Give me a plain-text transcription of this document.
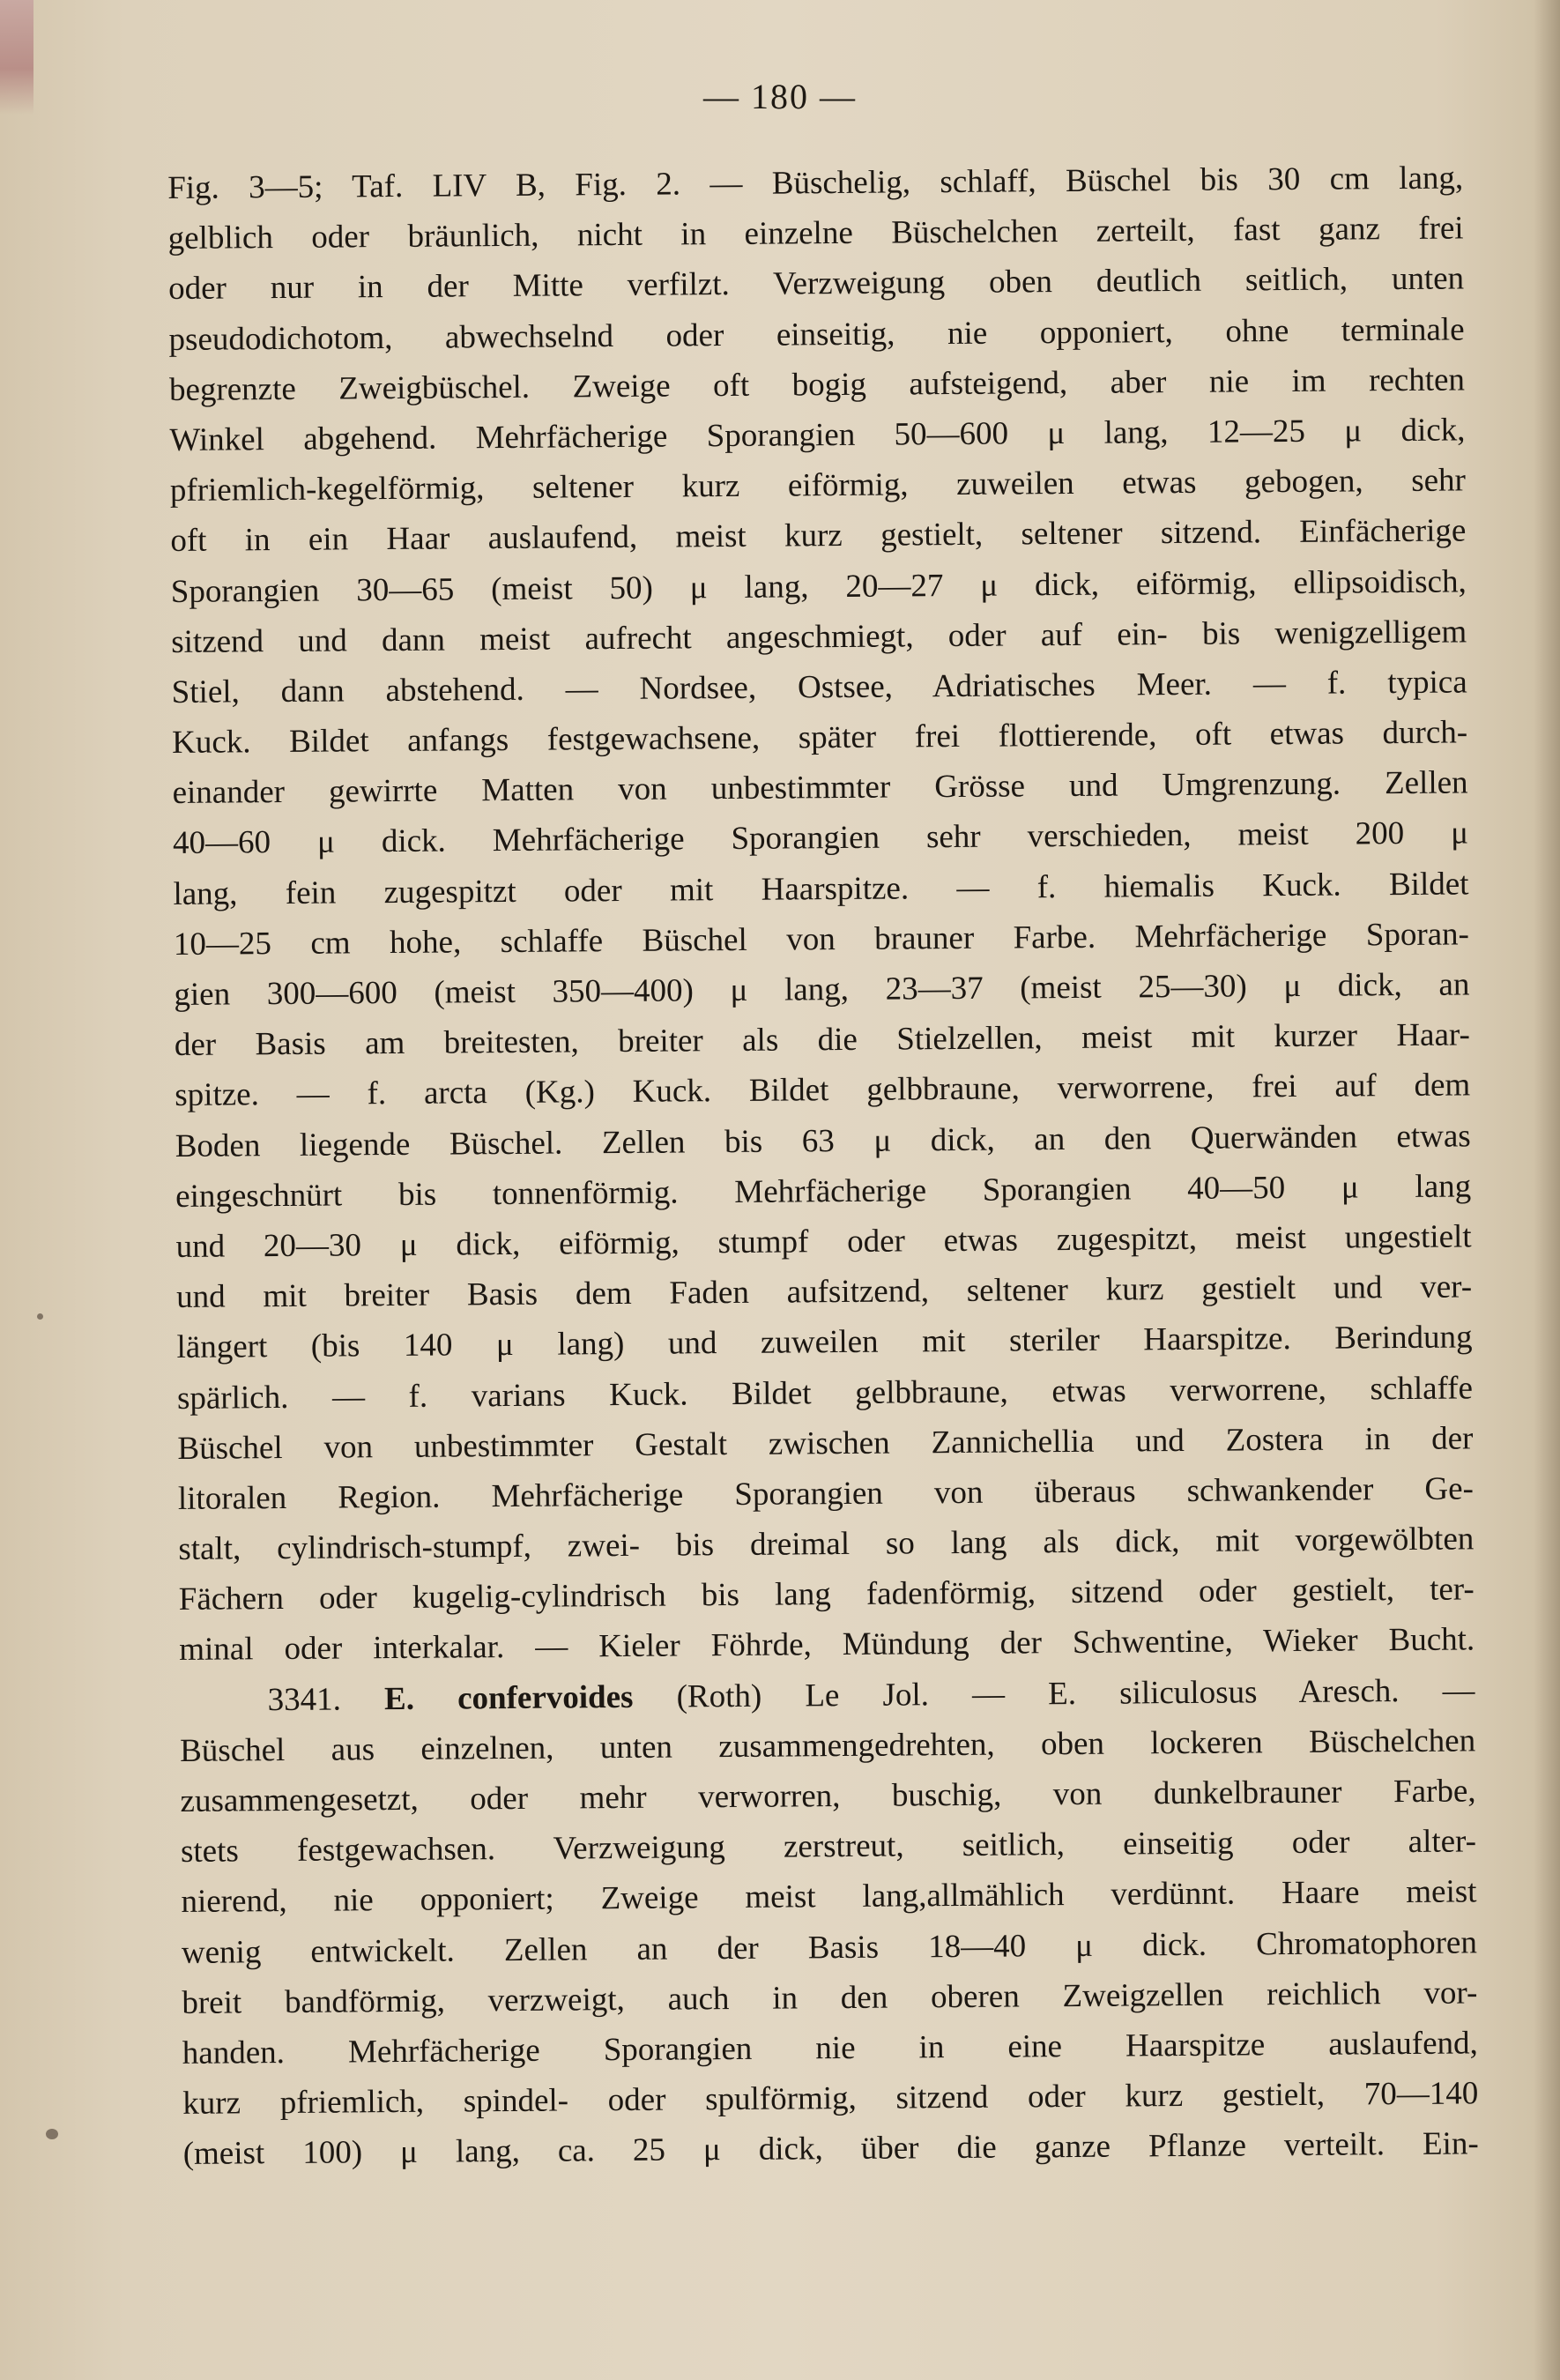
— 180 —
Fig. 3—5; Taf. LIV B, Fig. 2. — Büschelig, schlaff, Büschel bis 30 cm lang,
gelblich oder bräunlich, nicht in einzelne Büschelchen zerteilt, fast ganz frei
oder nur in der Mitte verfilzt. Verzweigung oben deutlich seitlich, unten
pseudodichotom, abwechselnd oder einseitig, nie opponiert, ohne terminale
begrenzte Zweigbüschel. Zweige oft bogig aufsteigend, aber nie im rechten
Winkel abgehend. Mehrfächerige Sporangien 50—600 μ lang, 12—25 μ dick,
pfriemlich-kegelförmig, seltener kurz eiförmig, zuweilen etwas gebogen, sehr
oft in ein Haar auslaufend, meist kurz gestielt, seltener sitzend. Einfächerige
Sporangien 30—65 (meist 50) μ lang, 20—27 μ dick, eiförmig, ellipsoidisch,
sitzend und dann meist aufrecht angeschmiegt, oder auf ein- bis wenigzelligem
Stiel, dann abstehend. — Nordsee, Ostsee, Adriatisches Meer. — f. typica
Kuck. Bildet anfangs festgewachsene, später frei flottierende, oft etwas durch-
einander gewirrte Matten von unbestimmter Grösse und Umgrenzung. Zellen
40—60 μ dick. Mehrfächerige Sporangien sehr verschieden, meist 200 μ
lang, fein zugespitzt oder mit Haarspitze. — f. hiemalis Kuck. Bildet
10—25 cm hohe, schlaffe Büschel von brauner Farbe. Mehrfächerige Sporan-
gien 300—600 (meist 350—400) μ lang, 23—37 (meist 25—30) μ dick, an
der Basis am breitesten, breiter als die Stielzellen, meist mit kurzer Haar-
spitze. — f. arcta (Kg.) Kuck. Bildet gelbbraune, verworrene, frei auf dem
Boden liegende Büschel. Zellen bis 63 μ dick, an den Querwänden etwas
eingeschnürt bis tonnenförmig. Mehrfächerige Sporangien 40—50 μ lang
und 20—30 μ dick, eiförmig, stumpf oder etwas zugespitzt, meist ungestielt
und mit breiter Basis dem Faden aufsitzend, seltener kurz gestielt und ver-
längert (bis 140 μ lang) und zuweilen mit steriler Haarspitze. Berindung
spärlich. — f. varians Kuck. Bildet gelbbraune, etwas verworrene, schlaffe
Büschel von unbestimmter Gestalt zwischen Zannichellia und Zostera in der
litoralen Region. Mehrfächerige Sporangien von überaus schwankender Ge-
stalt, cylindrisch-stumpf, zwei- bis dreimal so lang als dick, mit vorgewölbten
Fächern oder kugelig-cylindrisch bis lang fadenförmig, sitzend oder gestielt, ter-
minal oder interkalar. — Kieler Föhrde, Mündung der Schwentine, Wieker Bucht.
3341. E. confervoides (Roth) Le Jol. — E. siliculosus Aresch. —
Büschel aus einzelnen, unten zusammengedrehten, oben lockeren Büschelchen
zusammengesetzt, oder mehr verworren, buschig, von dunkelbrauner Farbe,
stets festgewachsen. Verzweigung zerstreut, seitlich, einseitig oder alter-
nierend, nie opponiert; Zweige meist lang,allmählich verdünnt. Haare meist
wenig entwickelt. Zellen an der Basis 18—40 μ dick. Chromatophoren
breit bandförmig, verzweigt, auch in den oberen Zweigzellen reichlich vor-
handen. Mehrfächerige Sporangien nie in eine Haarspitze auslaufend,
kurz pfriemlich, spindel- oder spulförmig, sitzend oder kurz gestielt, 70—140
(meist 100) μ lang, ca. 25 μ dick, über die ganze Pflanze verteilt. Ein-
